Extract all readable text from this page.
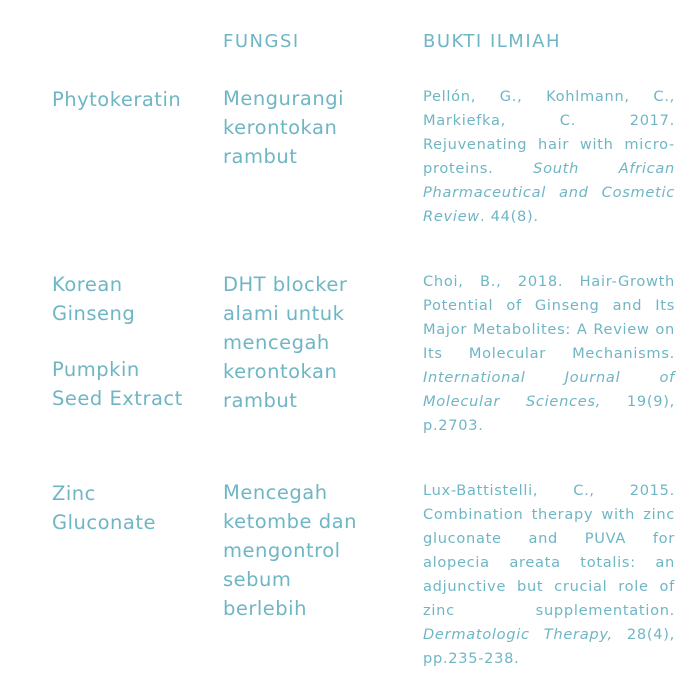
FUNGSI	BUKTI ILMIAH
Phytokeratin	Mengurangi
kerontokan
rambut
Pellón, G., Kohlmann, C., Markiefka, C. 2017. Rejuvenating hair with micro-proteins. South African Pharmaceutical and Cosmetic Review. 44(8).
Korean
Ginseng
Pumpkin
Seed Extract
DHT blocker
alami untuk
mencegah
kerontokan
rambut
Choi, B., 2018. Hair-Growth Potential of Ginseng and Its Major Metabolites: A Review on Its Molecular Mechanisms. International Journal of Molecular Sciences, 19(9), p.2703.
Zinc
Gluconate
Mencegah
ketombe dan
mengontrol
sebum
berlebih
Lux-Battistelli, C., 2015. Combination therapy with zinc gluconate and PUVA for alopecia areata totalis: an adjunctive but crucial role of zinc supplementation. Dermatologic Therapy, 28(4), pp.235-238.
